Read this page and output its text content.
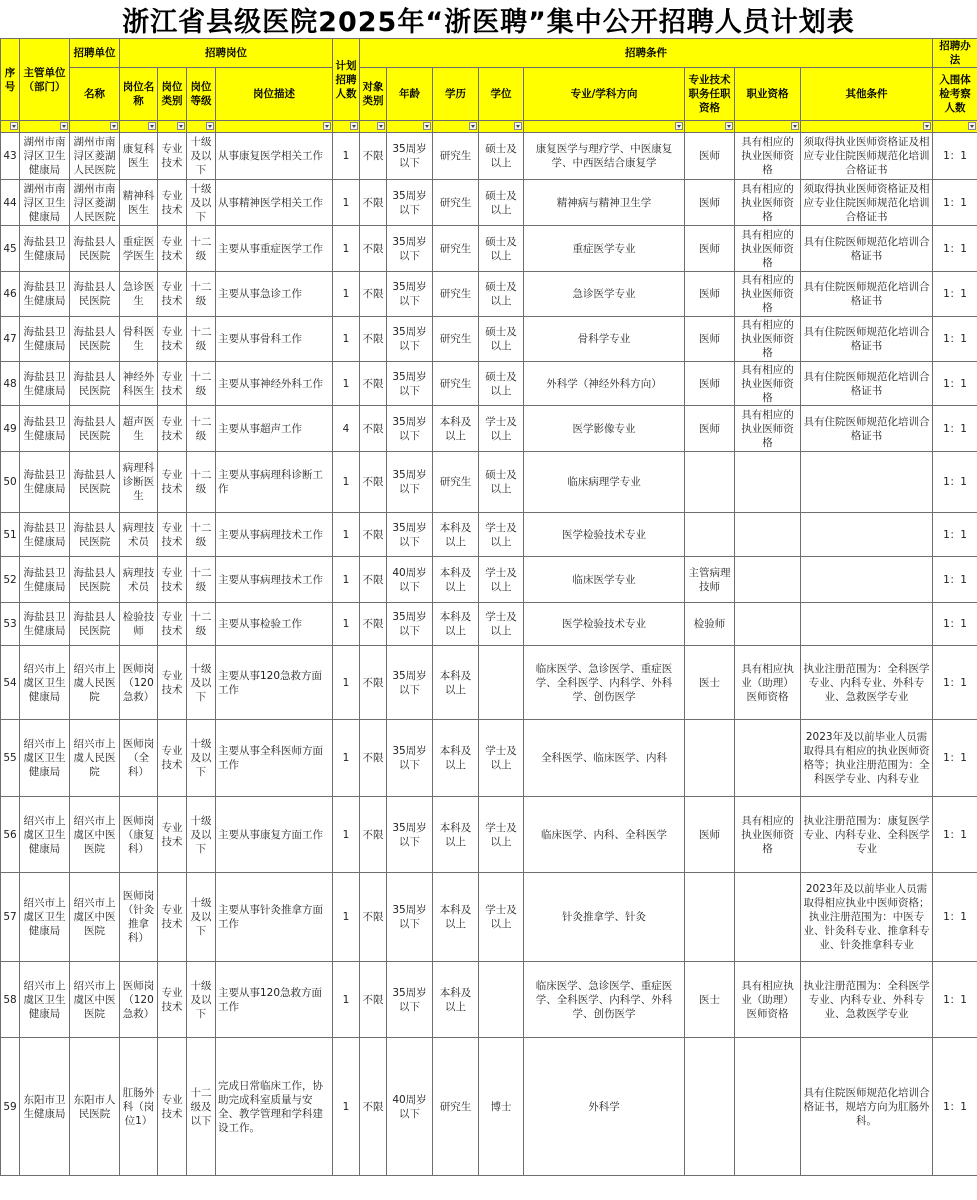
浙江省县级医院2025年“浙医聘”集中公开招聘人员计划表
序号	主管单位（部门）	招聘单位	招聘岗位				计划招聘人数	招聘条件								招聘办法
		名称	岗位名称	岗位类别	岗位等级	岗位描述		对象类别	年龄	学历	学位	专业/学科方向	专业技术职务任职资格	职业资格	其他条件	入围体检考察人数

43	湖州市南浔区卫生健康局	湖州市南浔区菱湖人民医院	康复科医生	专业技术	十级及以下	从事康复医学相关工作	1	不限	35周岁以下	研究生	硕士及以上	康复医学与理疗学、中医康复学、中西医结合康复学	医师	具有相应的执业医师资格	须取得执业医师资格证及相应专业住院医师规范化培训合格证书	1：1
44	湖州市南浔区卫生健康局	湖州市南浔区菱湖人民医院	精神科医生	专业技术	十级及以下	从事精神医学相关工作	1	不限	35周岁以下	研究生	硕士及以上	精神病与精神卫生学	医师	具有相应的执业医师资格	须取得执业医师资格证及相应专业住院医师规范化培训合格证书	1：1
45	海盐县卫生健康局	海盐县人民医院	重症医学医生	专业技术	十二级	主要从事重症医学工作	1	不限	35周岁以下	研究生	硕士及以上	重症医学专业	医师	具有相应的执业医师资格	具有住院医师规范化培训合格证书	1：1
46	海盐县卫生健康局	海盐县人民医院	急诊医生	专业技术	十二级	主要从事急诊工作	1	不限	35周岁以下	研究生	硕士及以上	急诊医学专业	医师	具有相应的执业医师资格	具有住院医师规范化培训合格证书	1：1
47	海盐县卫生健康局	海盐县人民医院	骨科医生	专业技术	十二级	主要从事骨科工作	1	不限	35周岁以下	研究生	硕士及以上	骨科学专业	医师	具有相应的执业医师资格	具有住院医师规范化培训合格证书	1：1
48	海盐县卫生健康局	海盐县人民医院	神经外科医生	专业技术	十二级	主要从事神经外科工作	1	不限	35周岁以下	研究生	硕士及以上	外科学（神经外科方向）	医师	具有相应的执业医师资格	具有住院医师规范化培训合格证书	1：1
49	海盐县卫生健康局	海盐县人民医院	超声医生	专业技术	十二级	主要从事超声工作	4	不限	35周岁以下	本科及以上	学士及以上	医学影像专业	医师	具有相应的执业医师资格	具有住院医师规范化培训合格证书	1：1
50	海盐县卫生健康局	海盐县人民医院	病理科诊断医生	专业技术	十二级	主要从事病理科诊断工作	1	不限	35周岁以下	研究生	硕士及以上	临床病理学专业				1：1
51	海盐县卫生健康局	海盐县人民医院	病理技术员	专业技术	十二级	主要从事病理技术工作	1	不限	35周岁以下	本科及以上	学士及以上	医学检验技术专业				1：1
52	海盐县卫生健康局	海盐县人民医院	病理技术员	专业技术	十二级	主要从事病理技术工作	1	不限	40周岁以下	本科及以上	学士及以上	临床医学专业	主管病理技师			1：1
53	海盐县卫生健康局	海盐县人民医院	检验技师	专业技术	十二级	主要从事检验工作	1	不限	35周岁以下	本科及以上	学士及以上	医学检验技术专业	检验师			1：1
54	绍兴市上虞区卫生健康局	绍兴市上虞人民医院	医师岗（120急救）	专业技术	十级及以下	主要从事120急救方面工作	1	不限	35周岁以下	本科及以上		临床医学、急诊医学、重症医学、全科医学、内科学、外科学、创伤医学	医士	具有相应执业（助理）医师资格	执业注册范围为：全科医学专业、内科专业、外科专业、急救医学专业	1：1
55	绍兴市上虞区卫生健康局	绍兴市上虞人民医院	医师岗（全科）	专业技术	十级及以下	主要从事全科医师方面工作	1	不限	35周岁以下	本科及以上	学士及以上	全科医学、临床医学、内科			2023年及以前毕业人员需取得具有相应的执业医师资格等；执业注册范围为：全科医学专业、内科专业	1：1
56	绍兴市上虞区卫生健康局	绍兴市上虞区中医医院	医师岗（康复科）	专业技术	十级及以下	主要从事康复方面工作	1	不限	35周岁以下	本科及以上	学士及以上	临床医学、内科、全科医学	医师	具有相应的执业医师资格	执业注册范围为：康复医学专业、内科专业、全科医学专业	1：1
57	绍兴市上虞区卫生健康局	绍兴市上虞区中医医院	医师岗（针灸推拿科）	专业技术	十级及以下	主要从事针灸推拿方面工作	1	不限	35周岁以下	本科及以上	学士及以上	针灸推拿学、针灸			2023年及以前毕业人员需取得相应执业中医师资格；执业注册范围为：中医专业、针灸科专业、推拿科专业、针灸推拿科专业	1：1
58	绍兴市上虞区卫生健康局	绍兴市上虞区中医医院	医师岗（120急救）	专业技术	十级及以下	主要从事120急救方面工作	1	不限	35周岁以下	本科及以上		临床医学、急诊医学、重症医学、全科医学、内科学、外科学、创伤医学	医士	具有相应执业（助理）医师资格	执业注册范围为：全科医学专业、内科专业、外科专业、急救医学专业	1：1
59	东阳市卫生健康局	东阳市人民医院	肛肠外科（岗位1）	专业技术	十二级及以下	完成日常临床工作，协助完成科室质量与安全、教学管理和学科建设工作。	1	不限	40周岁以下	研究生	博士	外科学			具有住院医师规范化培训合格证书，规培方向为肛肠外科。	1：1
